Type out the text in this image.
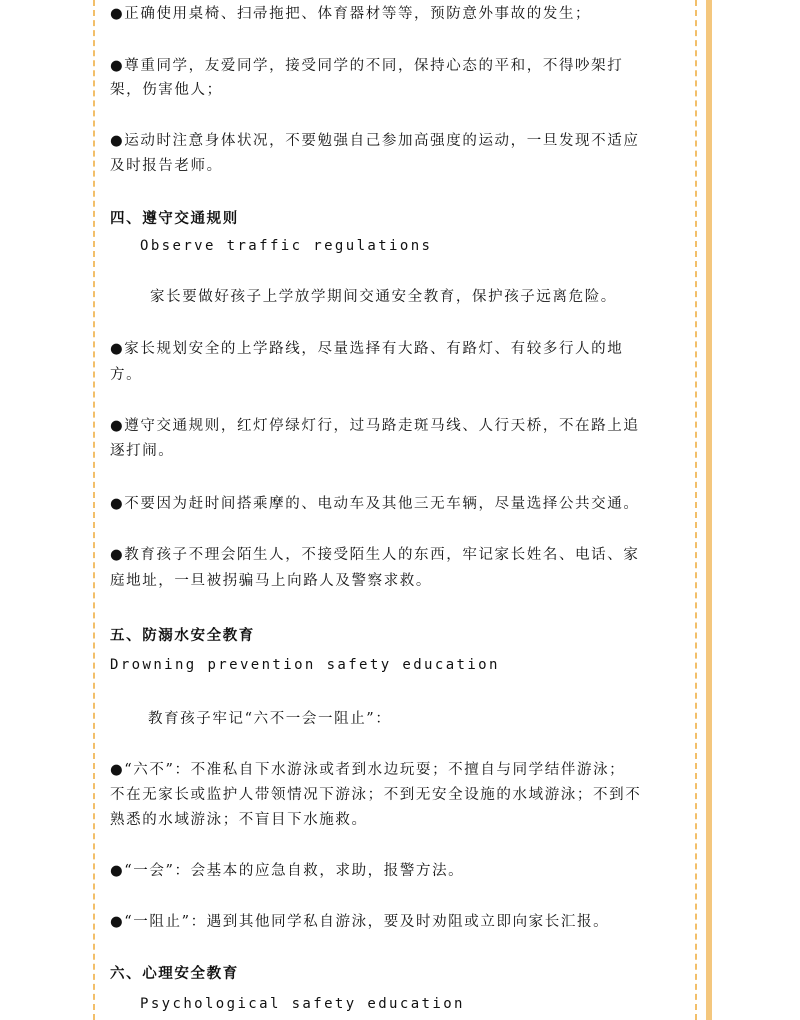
●正确使用桌椅、扫帚拖把、体育器材等等，预防意外事故的发生；
●尊重同学，友爱同学，接受同学的不同，保持心态的平和，不得吵架打
架，伤害他人；
●运动时注意身体状况，不要勉强自己参加高强度的运动，一旦发现不适应
及时报告老师。
四、遵守交通规则
Observe traffic regulations
家长要做好孩子上学放学期间交通安全教育，保护孩子远离危险。
●家长规划安全的上学路线，尽量选择有大路、有路灯、有较多行人的地
方。
●遵守交通规则，红灯停绿灯行，过马路走斑马线、人行天桥，不在路上追
逐打闹。
●不要因为赶时间搭乘摩的、电动车及其他三无车辆，尽量选择公共交通。
●教育孩子不理会陌生人，不接受陌生人的东西，牢记家长姓名、电话、家
庭地址，一旦被拐骗马上向路人及警察求救。
五、防溺水安全教育
Drowning prevention safety education
教育孩子牢记“六不一会一阻止”：
●“六不”：不准私自下水游泳或者到水边玩耍；不擅自与同学结伴游泳；
不在无家长或监护人带领情况下游泳；不到无安全设施的水域游泳；不到不
熟悉的水域游泳；不盲目下水施救。
●“一会”：会基本的应急自救，求助，报警方法。
●“一阻止”：遇到其他同学私自游泳，要及时劝阻或立即向家长汇报。
六、心理安全教育
Psychological safety education
